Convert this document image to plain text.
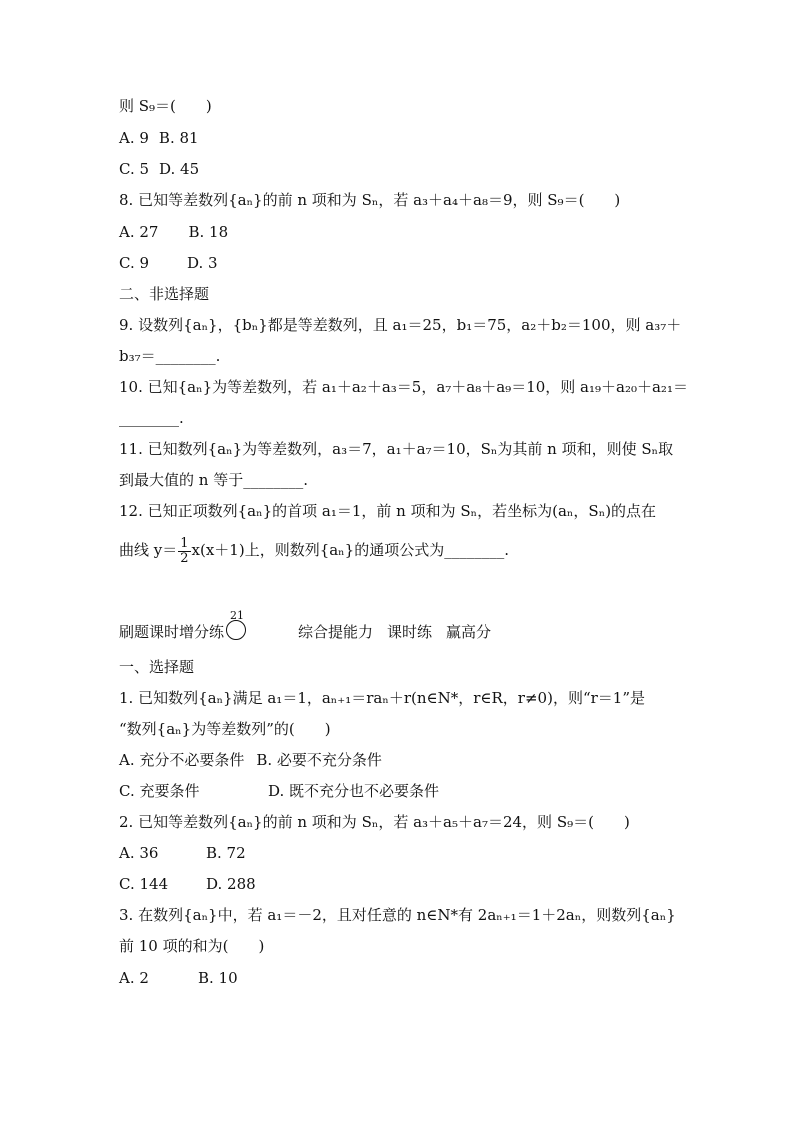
则 S₉＝(　　)
A. 9 B. 81
C. 5 D. 45
8. 已知等差数列{aₙ}的前 n 项和为 Sₙ，若 a₃＋a₄＋a₈＝9，则 S₉＝(　　)
A. 27 B. 18
C. 9	D. 3
二、非选择题
9. 设数列{aₙ}，{bₙ}都是等差数列，且 a₁＝25，b₁＝75，a₂＋b₂＝100，则 a₃₇＋
b₃₇＝________.
10. 已知{aₙ}为等差数列，若 a₁＋a₂＋a₃＝5，a₇＋a₈＋a₉＝10，则 a₁₉＋a₂₀＋a₂₁＝
________.
11. 已知数列{aₙ}为等差数列，a₃＝7，a₁＋a₇＝10，Sₙ为其前 n 项和，则使 Sₙ取
到最大值的 n 等于________.
12. 已知正项数列{aₙ}的首项 a₁＝1，前 n 项和为 Sₙ，若坐标为(aₙ，Sₙ)的点在
曲线 $y= \frac{1}{2} x(x+1)$上，则数列{aₙ}的通项公式为________.
刷题课时增分练
21
综合提能力 课时练 赢高分
一、选择题
1. 已知数列{aₙ}满足 a₁＝1，aₙ₊₁＝raₙ＋r(n∈N*，r∈R，r≠0)，则“r＝1”是
“数列{aₙ}为等差数列”的(　　)
A. 充分不必要条件 B. 必要不充分条件
C. 充要条件	D. 既不充分也不必要条件
2. 已知等差数列{aₙ}的前 n 项和为 Sₙ，若 a₃＋a₅＋a₇＝24，则 S₉＝(　　)
A. 36	B. 72
C. 144	D. 288
3. 在数列{aₙ}中，若 a₁＝－2，且对任意的 n∈N*有 2aₙ₊₁＝1＋2aₙ，则数列{aₙ}
前 10 项的和为(　　)
A. 2	B. 10
